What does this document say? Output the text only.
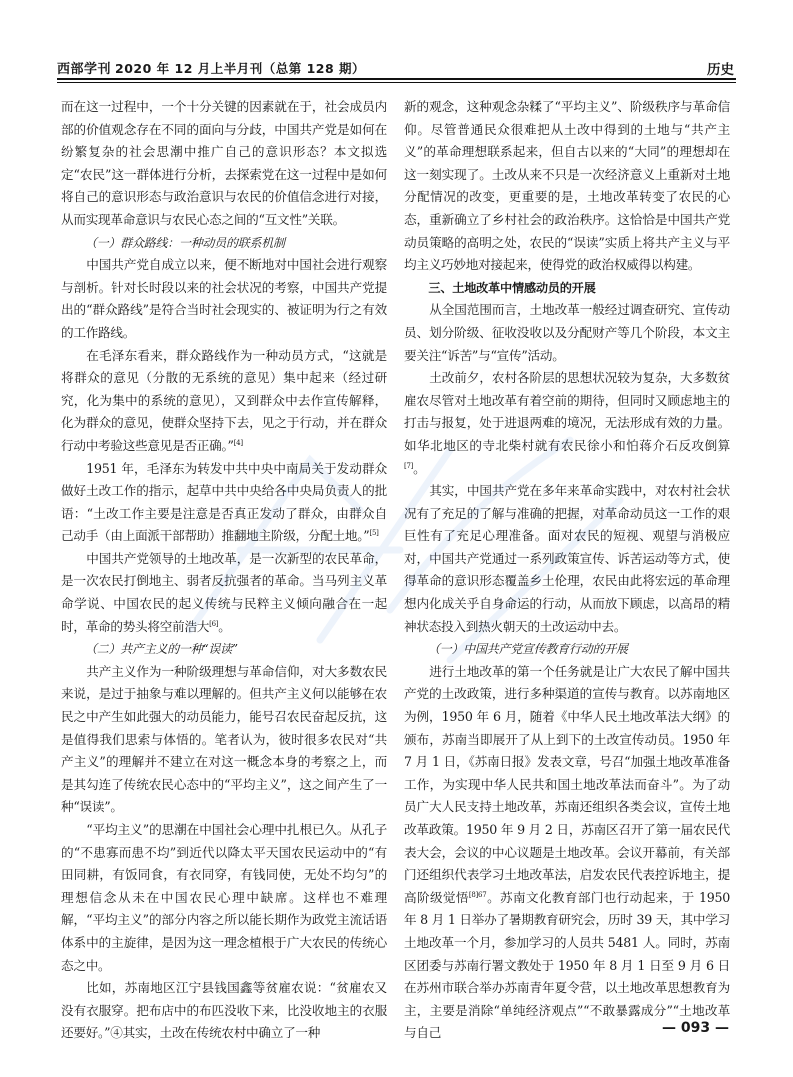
西部学刊 2020 年 12 月上半月刊（总第 128 期）	历史

而在这一过程中，一个十分关键的因素就在于，社会成员内部的价值观念存在不同的面向与分歧，中国共产党是如何在纷繁复杂的社会思潮中推广自己的意识形态？本文拟选定“农民”这一群体进行分析，去探索党在这一过程中是如何将自己的意识形态与政治意识与农民的价值信念进行对接，从而实现革命意识与农民心态之间的“互文性”关联。

（一）群众路线：一种动员的联系机制

中国共产党自成立以来，便不断地对中国社会进行观察与剖析。针对长时段以来的社会状况的考察，中国共产党提出的“群众路线”是符合当时社会现实的、被证明为行之有效的工作路线。

在毛泽东看来，群众路线作为一种动员方式，“这就是将群众的意见（分散的无系统的意见）集中起来（经过研究，化为集中的系统的意见），又到群众中去作宣传解释，化为群众的意见，使群众坚持下去，见之于行动，并在群众行动中考验这些意见是否正确。”[4]

1951 年，毛泽东为转发中共中央中南局关于发动群众做好土改工作的指示，起草中共中央给各中央局负责人的批语：“土改工作主要是注意是否真正发动了群众，由群众自己动手（由上面派干部帮助）推翻地主阶级，分配土地。”[5]

中国共产党领导的土地改革，是一次新型的农民革命，是一次农民打倒地主、弱者反抗强者的革命。当马列主义革命学说、中国农民的起义传统与民粹主义倾向融合在一起时，革命的势头将空前浩大[6]。

（二）共产主义的一种“误读”

共产主义作为一种阶级理想与革命信仰，对大多数农民来说，是过于抽象与难以理解的。但共产主义何以能够在农民之中产生如此强大的动员能力，能号召农民奋起反抗，这是值得我们思索与体悟的。笔者认为，彼时很多农民对“共产主义”的理解并不建立在对这一概念本身的考察之上，而是其勾连了传统农民心态中的“平均主义”，这之间产生了一种“误读”。

“平均主义”的思潮在中国社会心理中扎根已久。从孔子的“不患寡而患不均”到近代以降太平天国农民运动中的“有田同耕，有饭同食，有衣同穿，有钱同使，无处不均匀”的理想信念从未在中国农民心理中缺席。这样也不难理解，“平均主义”的部分内容之所以能长期作为政党主流话语体系中的主旋律，是因为这一理念植根于广大农民的传统心态之中。

比如，苏南地区江宁县钱国鑫等贫雇农说：“贫雇农又没有衣服穿。把布店中的布匹没收下来，比没收地主的衣服还要好。”④其实，土改在传统农村中确立了一种

新的观念，这种观念杂糅了“平均主义”、阶级秩序与革命信仰。尽管普通民众很难把从土改中得到的土地与“共产主义”的革命理想联系起来，但自古以来的“大同”的理想却在这一刻实现了。土改从来不只是一次经济意义上重新对土地分配情况的改变，更重要的是，土地改革转变了农民的心态，重新确立了乡村社会的政治秩序。这恰恰是中国共产党动员策略的高明之处，农民的“误读”实质上将共产主义与平均主义巧妙地对接起来，使得党的政治权威得以构建。

三、土地改革中情感动员的开展

从全国范围而言，土地改革一般经过调查研究、宣传动员、划分阶级、征收没收以及分配财产等几个阶段，本文主要关注“诉苦”与“宣传”活动。

土改前夕，农村各阶层的思想状况较为复杂，大多数贫雇农尽管对土地改革有着空前的期待，但同时又顾虑地主的打击与报复，处于进退两难的境况，无法形成有效的力量。如华北地区的寺北柴村就有农民徐小和怕蒋介石反攻倒算[7]。

其实，中国共产党在多年来革命实践中，对农村社会状况有了充足的了解与准确的把握，对革命动员这一工作的艰巨性有了充足心理准备。面对农民的短视、观望与消极应对，中国共产党通过一系列政策宣传、诉苦运动等方式，使得革命的意识形态覆盖乡土伦理，农民由此将宏远的革命理想内化成关乎自身命运的行动，从而放下顾虑，以高昂的精神状态投入到热火朝天的土改运动中去。

（一）中国共产党宣传教育行动的开展

进行土地改革的第一个任务就是让广大农民了解中国共产党的土改政策，进行多种渠道的宣传与教育。以苏南地区为例，1950 年 6 月，随着《中华人民土地改革法大纲》的颁布，苏南当即展开了从上到下的土改宣传动员。1950 年 7 月 1 日，《苏南日报》发表文章，号召“加强土地改革准备工作，为实现中华人民共和国土地改革法而奋斗”。为了动员广大人民支持土地改革，苏南还组织各类会议，宣传土地改革政策。1950 年 9 月 2 日，苏南区召开了第一届农民代表大会，会议的中心议题是土地改革。会议开幕前，有关部门还组织代表学习土地改革法，启发农民代表控诉地主，提高阶级觉悟$^{[8]67}$。苏南文化教育部门也行动起来，于 1950 年 8 月 1 日举办了暑期教育研究会，历时 39 天，其中学习土地改革一个月，参加学习的人员共 5481 人。同时，苏南区团委与苏南行署文教处于 1950 年 8 月 1 日至 9 月 6 日在苏州市联合举办苏南青年夏令营，以土地改革思想教育为主，主要是消除“单纯经济观点”“不敢暴露成分”“土地改革与自己	— 093 —
